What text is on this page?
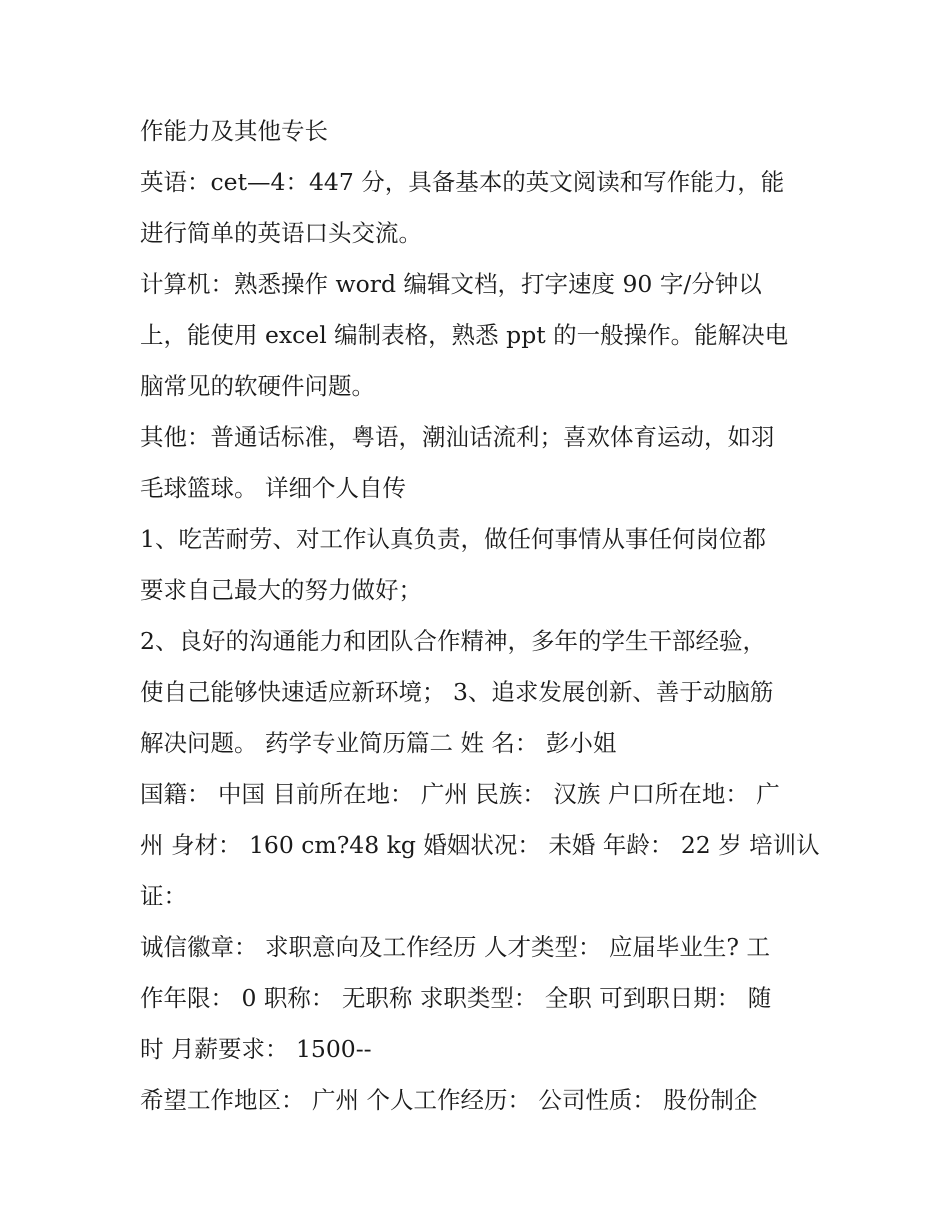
作能力及其他专长
英语：cet—4：447 分，具备基本的英文阅读和写作能力，能
进行简单的英语口头交流。
计算机：熟悉操作 word 编辑文档，打字速度 90 字/分钟以
上，能使用 excel 编制表格，熟悉 ppt 的一般操作。能解决电
脑常见的软硬件问题。
其他：普通话标准，粤语，潮汕话流利；喜欢体育运动，如羽
毛球篮球。 详细个人自传
1、吃苦耐劳、对工作认真负责，做任何事情从事任何岗位都
要求自己最大的努力做好；
2、良好的沟通能力和团队合作精神，多年的学生干部经验，
使自己能够快速适应新环境； 3、追求发展创新、善于动脑筋
解决问题。 药学专业简历篇二 姓 名： 彭小姐
国籍： 中国 目前所在地： 广州 民族： 汉族 户口所在地： 广
州 身材： 160 cm?48 kg 婚姻状况： 未婚 年龄： 22 岁 培训认
证：
诚信徽章： 求职意向及工作经历 人才类型： 应届毕业生? 工
作年限： 0 职称： 无职称 求职类型： 全职 可到职日期： 随
时 月薪要求： 1500--
希望工作地区： 广州 个人工作经历： 公司性质： 股份制企
